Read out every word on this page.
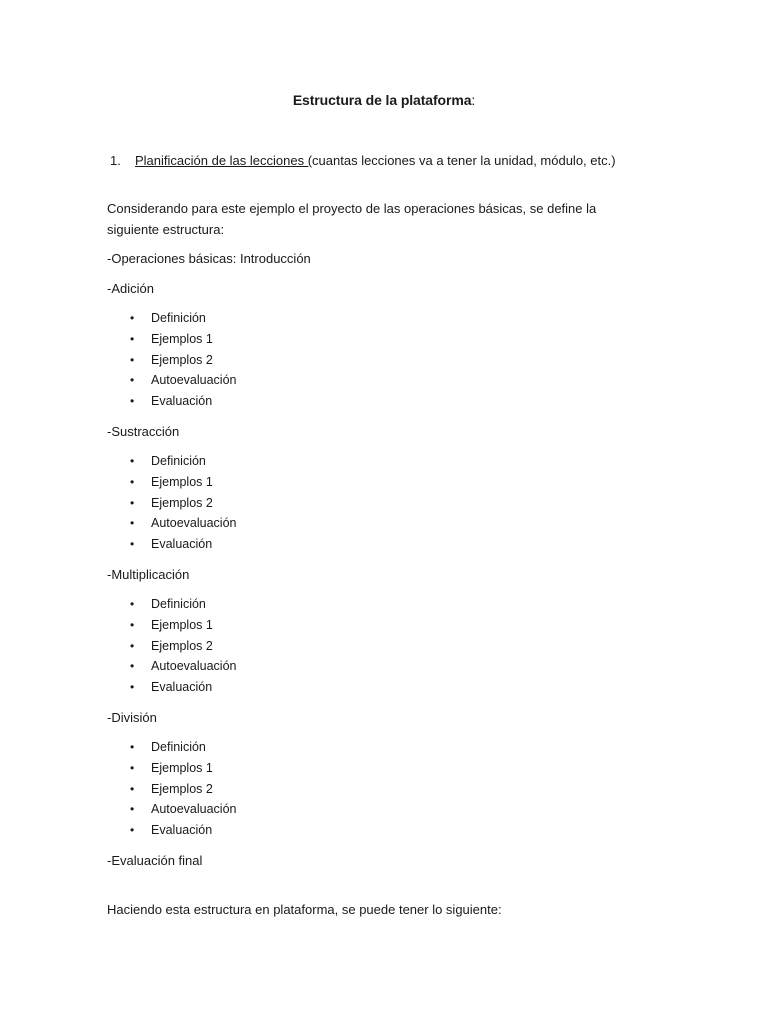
Estructura de la plataforma:
1. Planificación de las lecciones (cuantas lecciones va a tener la unidad, módulo, etc.)
Considerando para este ejemplo el proyecto de las operaciones básicas, se define la siguiente estructura:
-Operaciones básicas: Introducción
-Adición
• Definición
• Ejemplos 1
• Ejemplos 2
• Autoevaluación
• Evaluación
-Sustracción
• Definición
• Ejemplos 1
• Ejemplos 2
• Autoevaluación
• Evaluación
-Multiplicación
• Definición
• Ejemplos 1
• Ejemplos 2
• Autoevaluación
• Evaluación
-División
• Definición
• Ejemplos 1
• Ejemplos 2
• Autoevaluación
• Evaluación
-Evaluación final
Haciendo esta estructura en plataforma, se puede tener lo siguiente:
